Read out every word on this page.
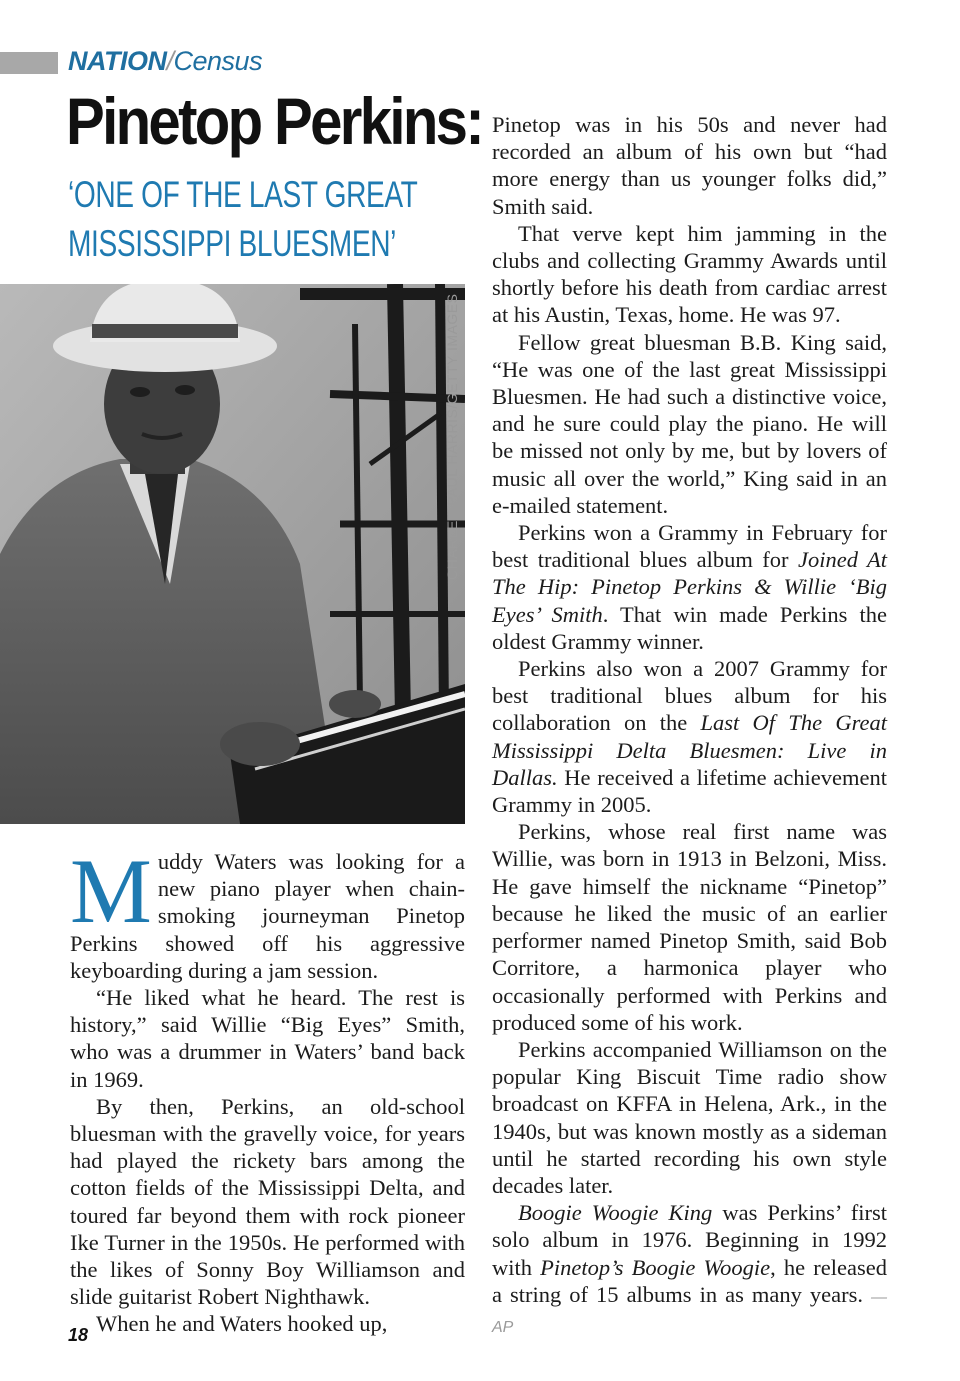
NATION/Census
Pinetop Perkins:
‘ONE OF THE LAST GREAT
MISSISSIPPI BLUESMEN’
CHARLES PAUL HARRIS/GETTY IMAGES

Muddy Waters was looking for a new piano player when chain-smoking journeyman Pinetop Perkins showed off his aggressive keyboarding during a jam session.

“He liked what he heard. The rest is history,” said Willie “Big Eyes” Smith, who was a drummer in Waters’ band back in 1969.

By then, Perkins, an old-school bluesman with the gravelly voice, for years had played the rickety bars among the cotton fields of the Mississippi Delta, and toured far beyond them with rock pioneer Ike Turner in the 1950s. He performed with the likes of Sonny Boy Williamson and slide guitarist Robert Nighthawk.

When he and Waters hooked up,

Pinetop was in his 50s and never had recorded an album of his own but “had more energy than us younger folks did,” Smith said.

That verve kept him jamming in the clubs and collecting Grammy Awards until shortly before his death from cardiac arrest at his Austin, Texas, home. He was 97.

Fellow great bluesman B.B. King said, “He was one of the last great Mississippi Bluesmen. He had such a distinctive voice, and he sure could play the piano. He will be missed not only by me, but by lovers of music all over the world,” King said in an e-mailed statement.

Perkins won a Grammy in February for best traditional blues album for Joined At The Hip: Pinetop Perkins & Willie ‘Big Eyes’ Smith. That win made Perkins the oldest Grammy winner.

Perkins also won a 2007 Grammy for best traditional blues album for his collaboration on the Last Of The Great Mississippi Delta Bluesmen: Live in Dallas. He received a lifetime achievement Grammy in 2005.

Perkins, whose real first name was Willie, was born in 1913 in Belzoni, Miss. He gave himself the nickname “Pinetop” because he liked the music of an earlier performer named Pinetop Smith, said Bob Corritore, a harmonica player who occasionally performed with Perkins and produced some of his work.

Perkins accompanied Williamson on the popular King Biscuit Time radio show broadcast on KFFA in Helena, Ark., in the 1940s, but was known mostly as a sideman until he started recording his own style decades later.

Boogie Woogie King was Perkins’ first solo album in 1976. Beginning in 1992 with Pinetop’s Boogie Woogie, he released a string of 15 albums in as many years. — AP

18
